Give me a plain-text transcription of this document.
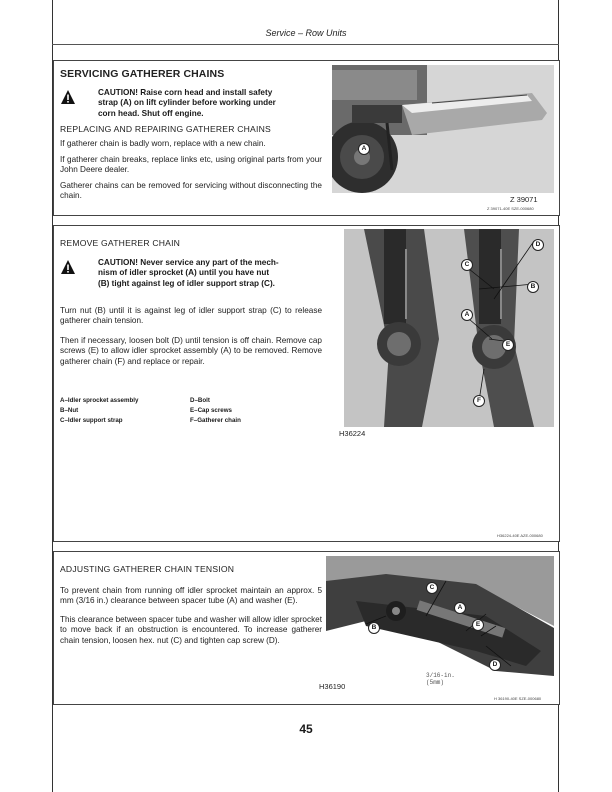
Service – Row Units
SERVICING GATHERER CHAINS
CAUTION! Raise corn head and install safety
strap (A) on lift cylinder before working under
corn head. Shut off engine.

REPLACING AND REPAIRING GATHERER CHAINS

If gatherer chain is badly worn, replace with a new chain.

If gatherer chain breaks, replace links etc, using original parts from your John Deere dealer.

Gatherer chains can be removed for servicing without disconnecting the chain.

A
Z 39071
Z 39071-40E SZE-000680
REMOVE GATHERER CHAIN
CAUTION! Never service any part of the mech-
nism of idler sprocket (A) until you have nut
(B) tight against leg of idler support strap (C).

Turn nut (B) until it is against leg of idler support strap (C) to release gatherer chain tension.

Then if necessary, loosen bolt (D) until tension is off chain. Remove cap screws (E) to allow idler sprocket assembly (A) to be removed. Remove gatherer chain (F) and replace or repair.

A–Idler sprocket assembly
B–Nut
C–Idler support strap
D–Bolt
E–Cap screws
F–Gatherer chain
D
C
B
A
E
F
H36224
H36224-40E AZE-000680
ADJUSTING GATHERER CHAIN TENSION

To prevent chain from running off idler sprocket maintain an approx. 5 mm (3/16 in.) clearance between spacer tube (A) and washer (E).

This clearance between spacer tube and washer will allow idler sprocket to move back if an obstruction is encountered. To increase gatherer chain tension, loosen hex. nut (C) and tighten cap screw (D).

C
A
B	E
D
3/16-in.
(5mm)
H36190
H 36190-40E SZE-000680
45
